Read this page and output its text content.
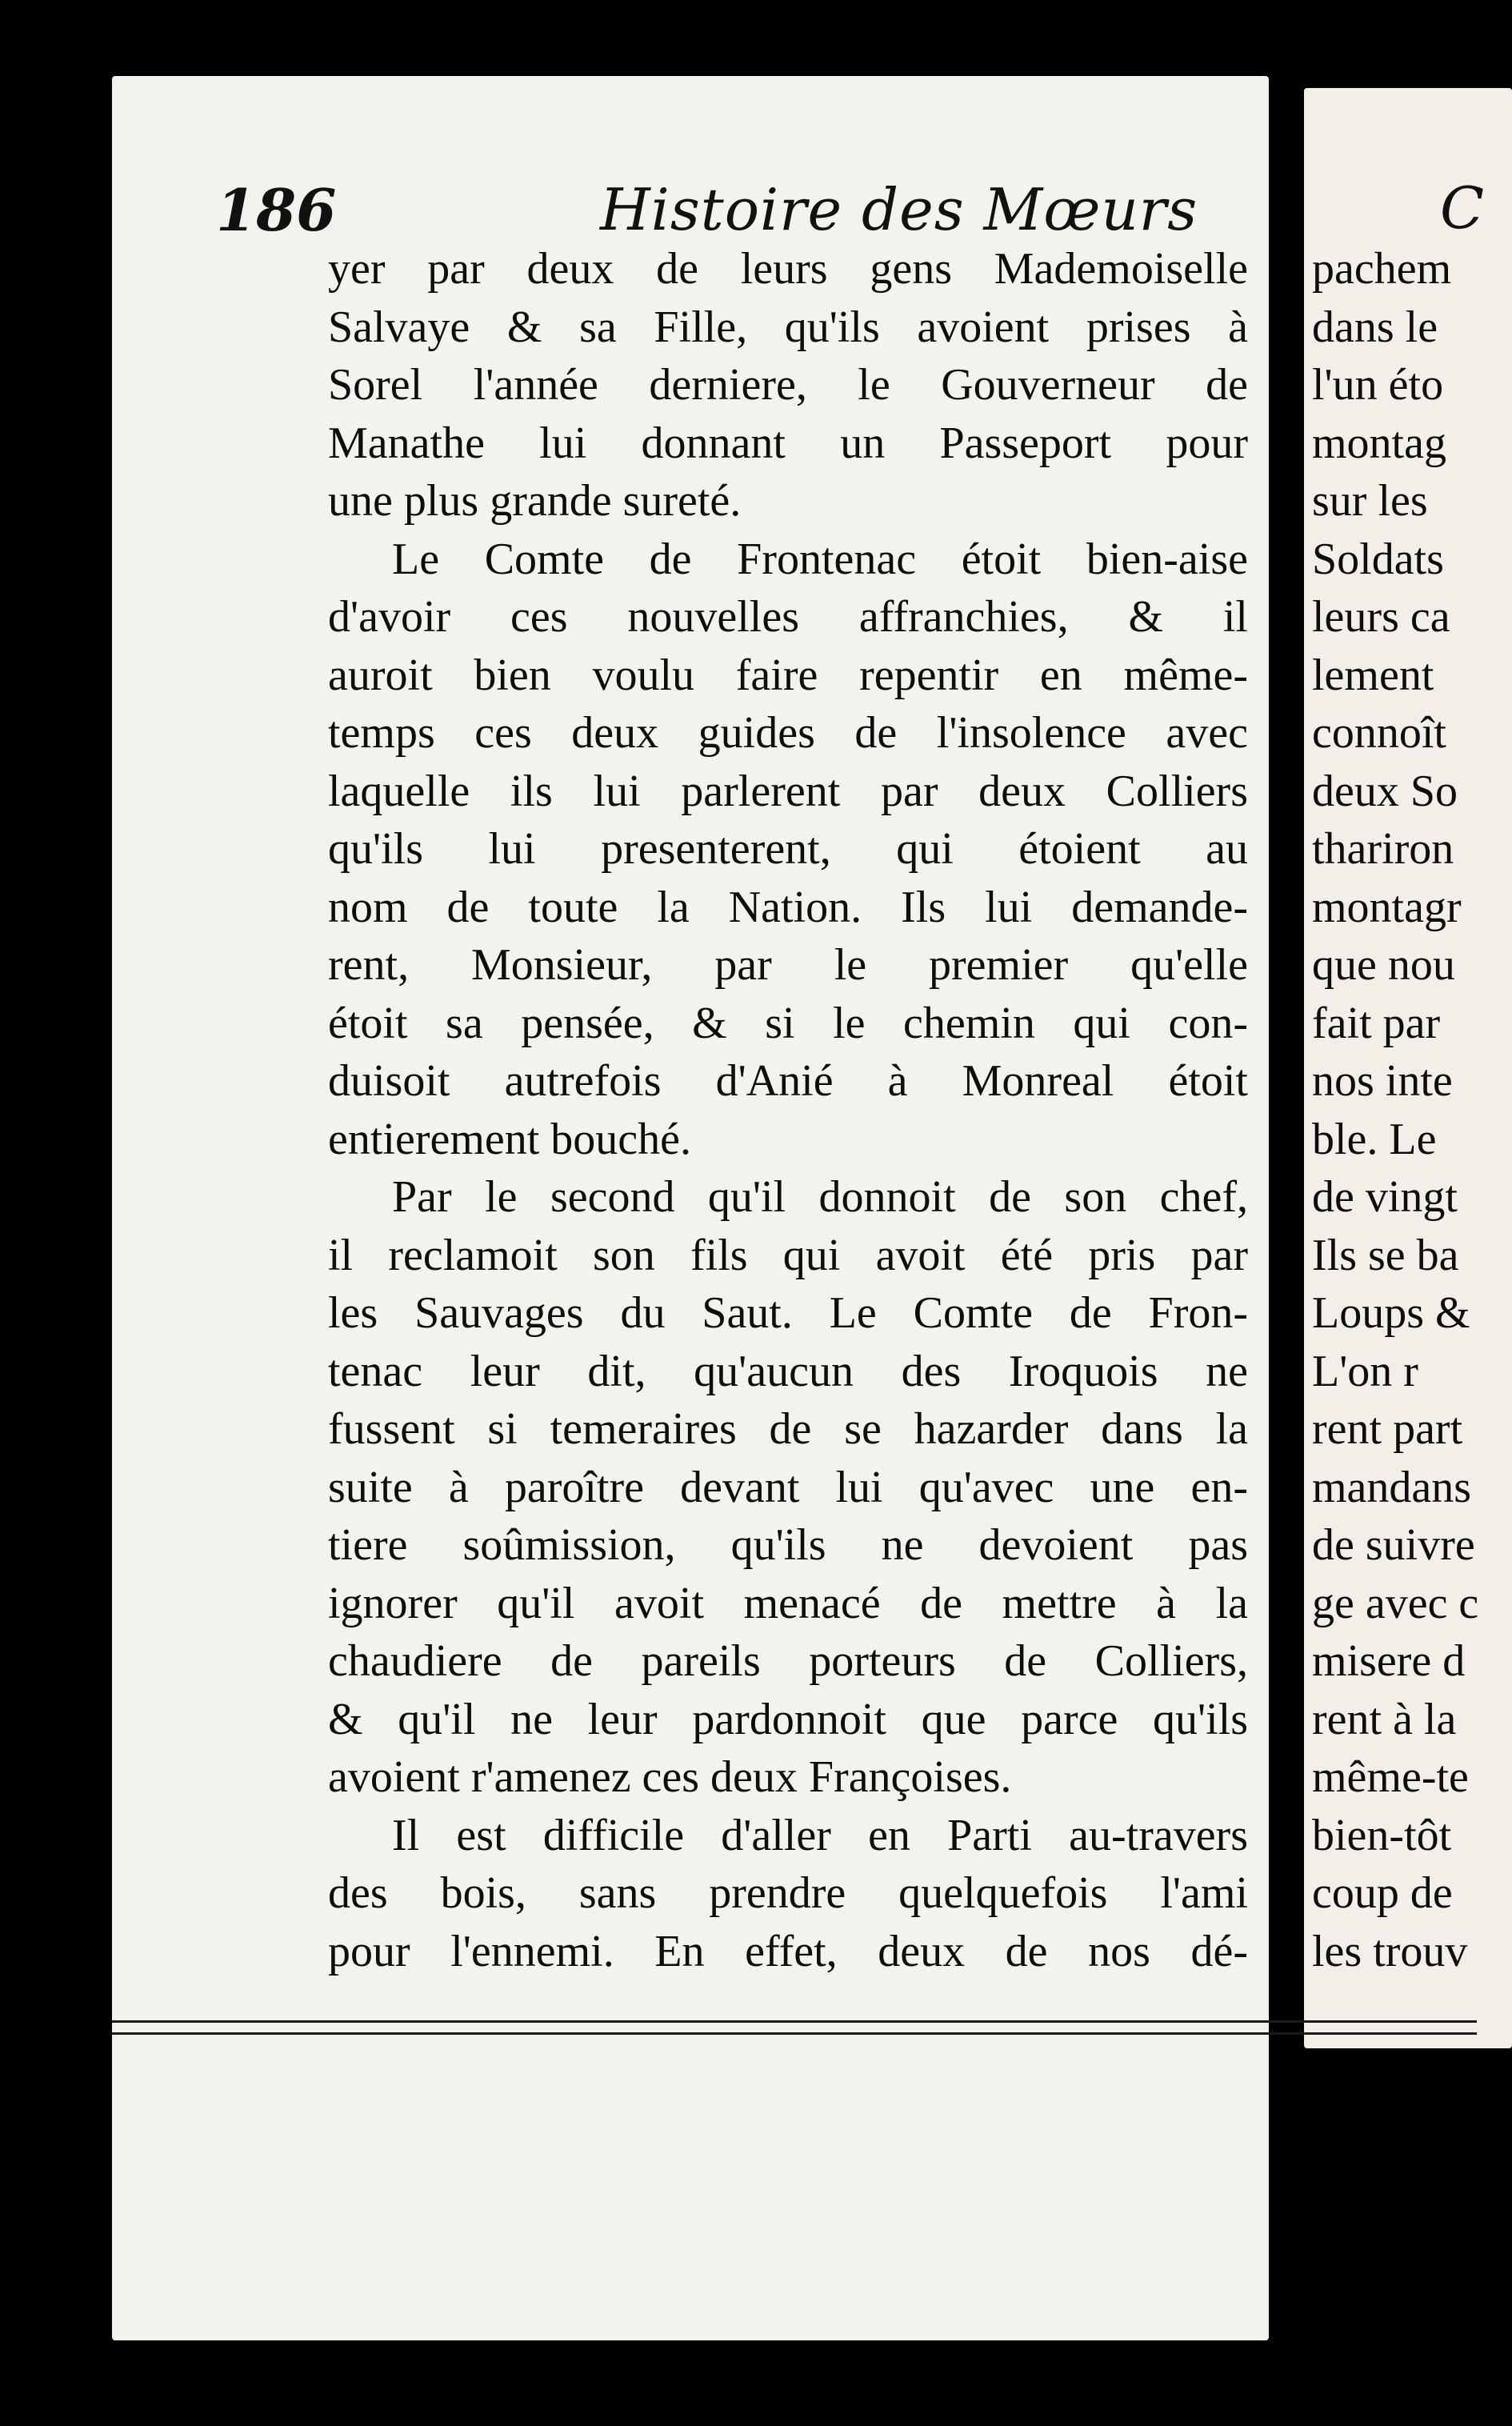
186	Histoire des Mœurs	C
yer par deux de leurs gens Mademoiselle
Salvaye & sa Fille, qu'ils avoient prises à
Sorel l'année derniere, le Gouverneur de
Manathe lui donnant un Passeport pour
une plus grande sureté.
Le Comte de Frontenac étoit bien-aise
d'avoir ces nouvelles affranchies, & il
auroit bien voulu faire repentir en même-
temps ces deux guides de l'insolence avec
laquelle ils lui parlerent par deux Colliers
qu'ils lui presenterent, qui étoient au
nom de toute la Nation. Ils lui demande-
rent, Monsieur, par le premier qu'elle
étoit sa pensée, & si le chemin qui con-
duisoit autrefois d'Anié à Monreal étoit
entierement bouché.
Par le second qu'il donnoit de son chef,
il reclamoit son fils qui avoit été pris par
les Sauvages du Saut. Le Comte de Fron-
tenac leur dit, qu'aucun des Iroquois ne
fussent si temeraires de se hazarder dans la
suite à paroître devant lui qu'avec une en-
tiere soûmission, qu'ils ne devoient pas
ignorer qu'il avoit menacé de mettre à la
chaudiere de pareils porteurs de Colliers,
& qu'il ne leur pardonnoit que parce qu'ils
avoient r'amenez ces deux Françoises.
Il est difficile d'aller en Parti au-travers
des bois, sans prendre quelquefois l'ami
pour l'ennemi. En effet, deux de nos dé-
pachem
dans le
l'un éto
montag
sur les
Soldats
leurs ca
lement
connoît
deux So
thariron
montagr
que nou
fait par
nos inte
ble. Le
de vingt
Ils se ba
Loups &
L'on r
rent part
mandans
de suivre
ge avec c
misere d
rent à la
même-te
bien-tôt
coup de
les trouv
